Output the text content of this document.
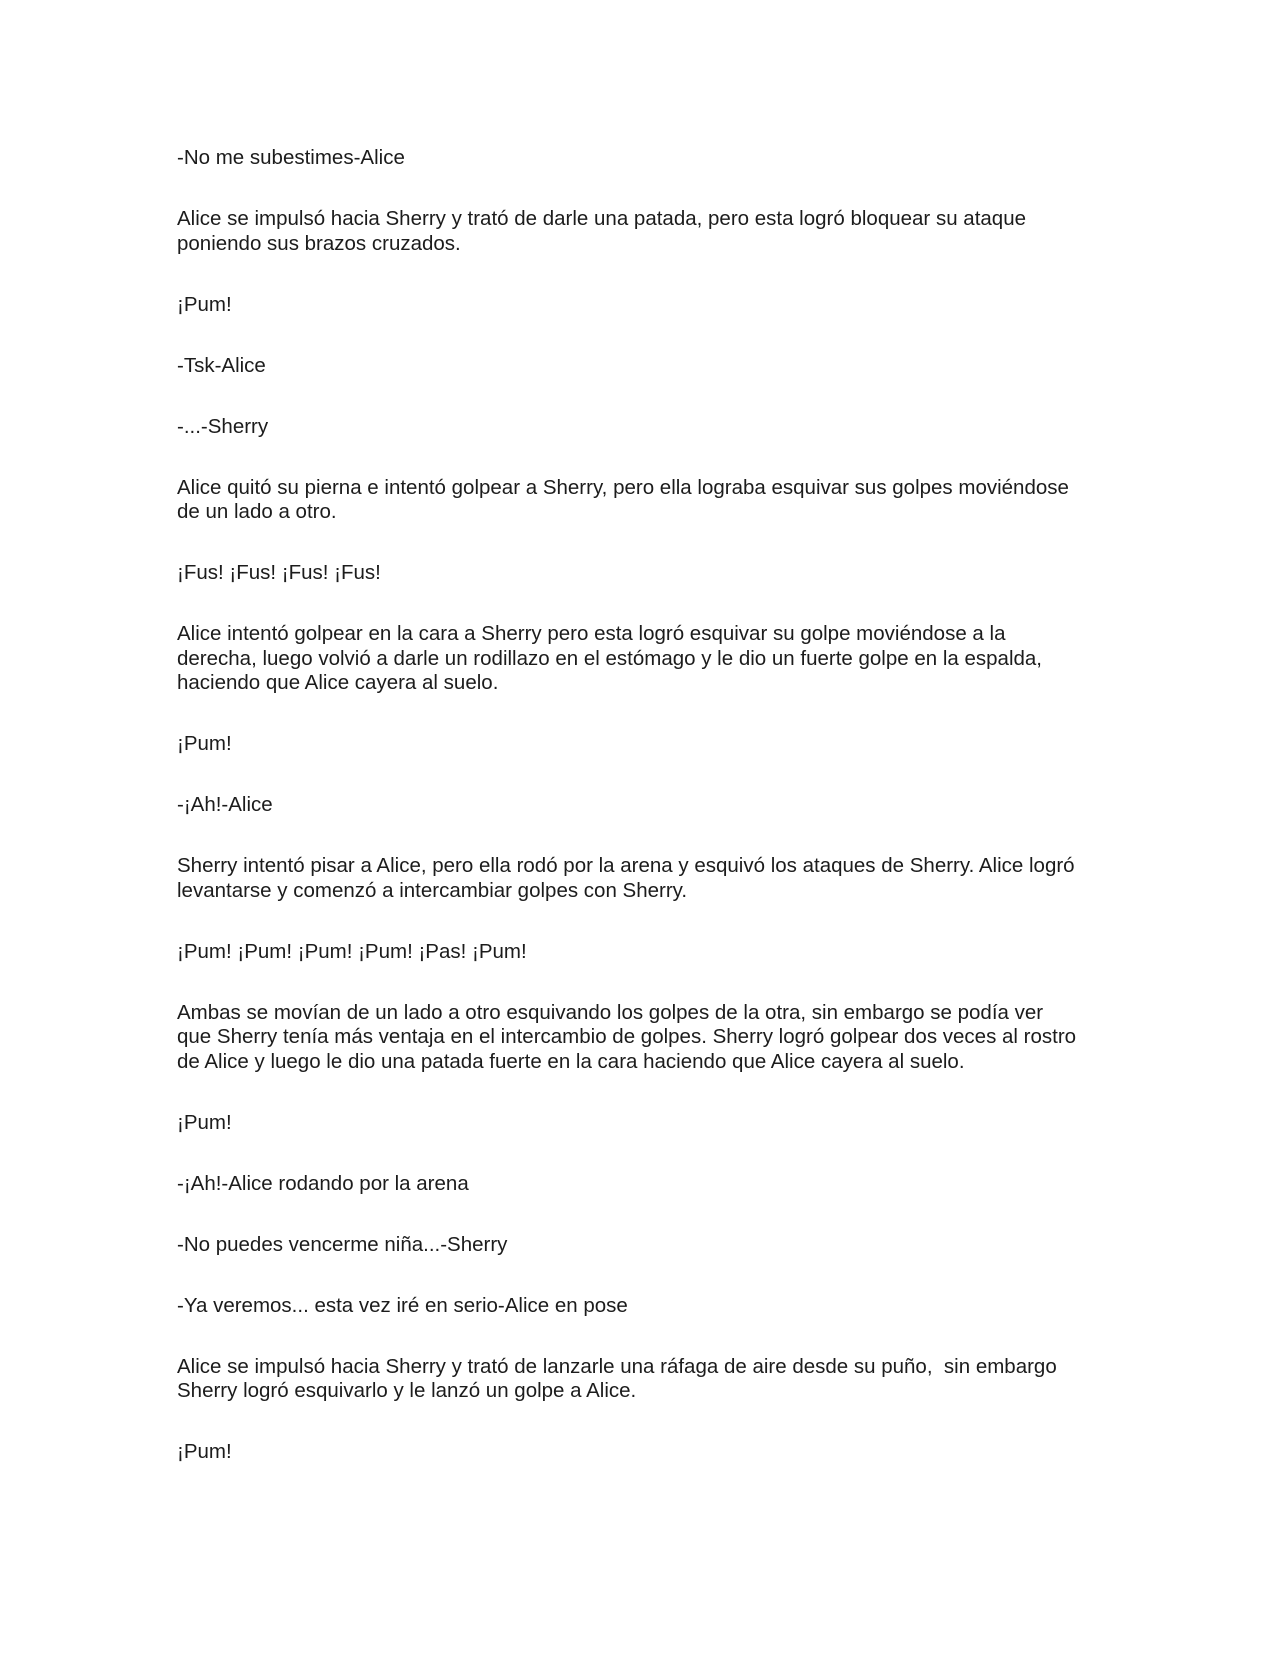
-No me subestimes-Alice

Alice se impulsó hacia Sherry y trató de darle una patada, pero esta logró bloquear su ataque
poniendo sus brazos cruzados.

¡Pum!

-Tsk-Alice

-...-Sherry

Alice quitó su pierna e intentó golpear a Sherry, pero ella lograba esquivar sus golpes moviéndose
de un lado a otro.

¡Fus! ¡Fus! ¡Fus! ¡Fus!

Alice intentó golpear en la cara a Sherry pero esta logró esquivar su golpe moviéndose a la
derecha, luego volvió a darle un rodillazo en el estómago y le dio un fuerte golpe en la espalda,
haciendo que Alice cayera al suelo.

¡Pum!

-¡Ah!-Alice

Sherry intentó pisar a Alice, pero ella rodó por la arena y esquivó los ataques de Sherry. Alice logró
levantarse y comenzó a intercambiar golpes con Sherry.

¡Pum! ¡Pum! ¡Pum! ¡Pum! ¡Pas! ¡Pum!

Ambas se movían de un lado a otro esquivando los golpes de la otra, sin embargo se podía ver
que Sherry tenía más ventaja en el intercambio de golpes. Sherry logró golpear dos veces al rostro
de Alice y luego le dio una patada fuerte en la cara haciendo que Alice cayera al suelo.

¡Pum!

-¡Ah!-Alice rodando por la arena

-No puedes vencerme niña...-Sherry

-Ya veremos... esta vez iré en serio-Alice en pose

Alice se impulsó hacia Sherry y trató de lanzarle una ráfaga de aire desde su puño,  sin embargo
Sherry logró esquivarlo y le lanzó un golpe a Alice.

¡Pum!
